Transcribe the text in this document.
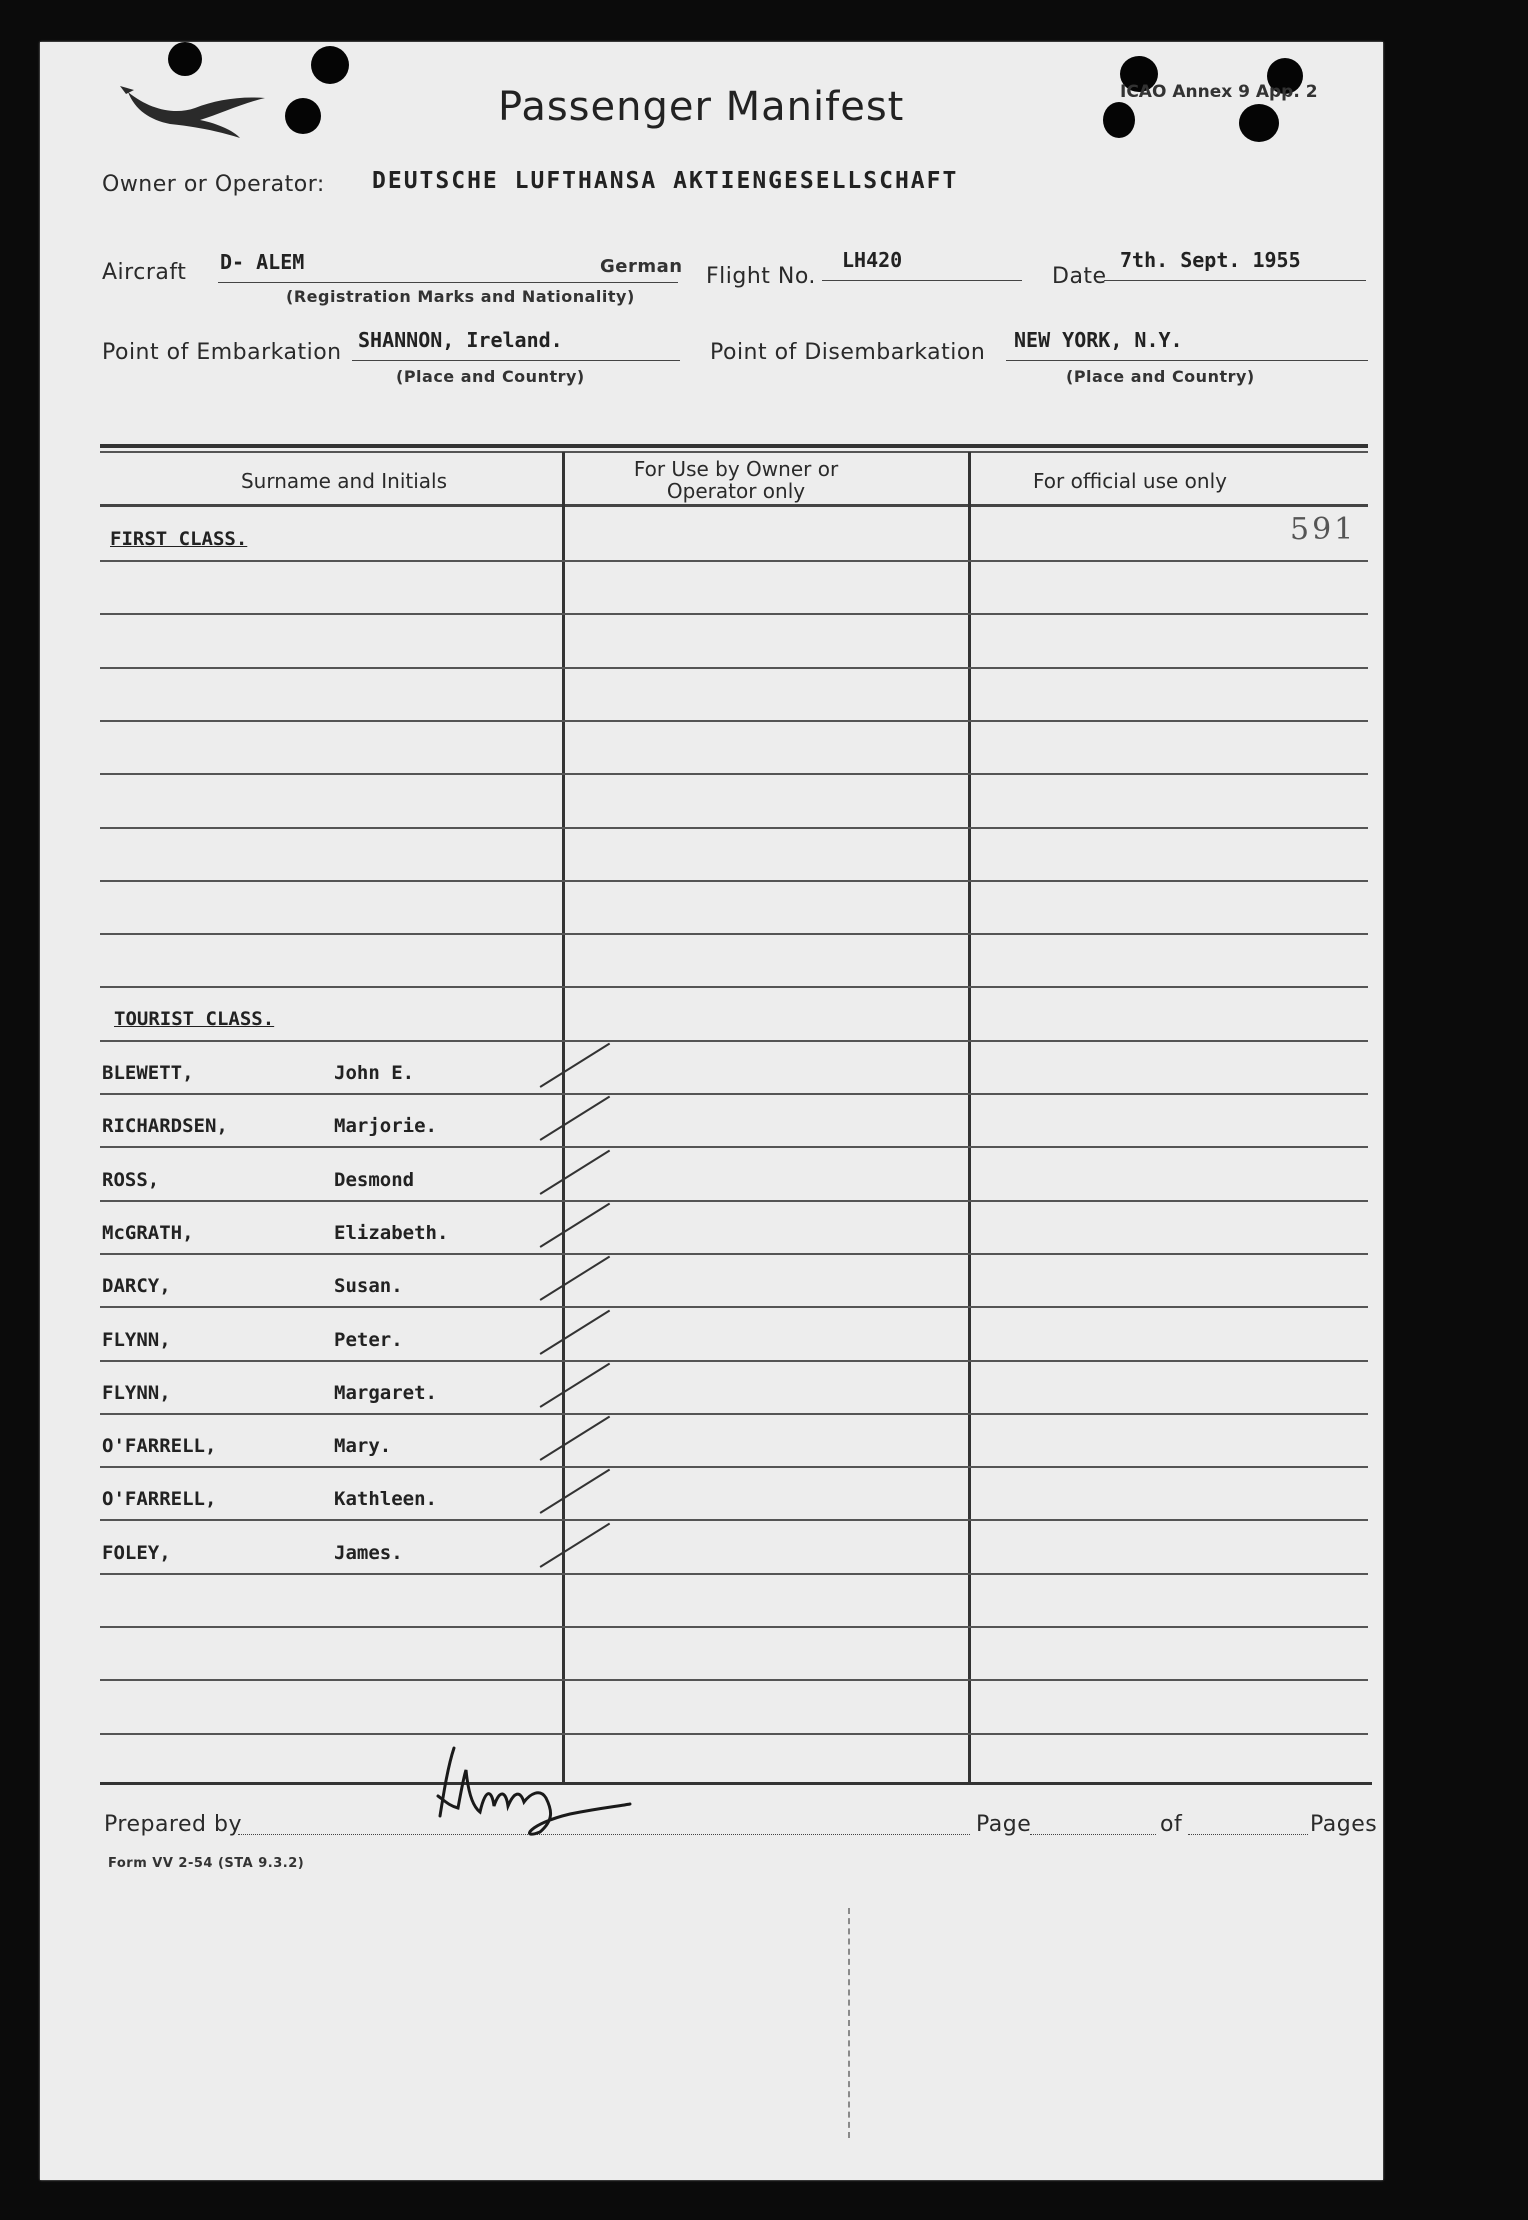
Passenger Manifest	ICAO Annex 9 App. 2
Owner or Operator: DEUTSCHE LUFTHANSA AKTIENGESELLSCHAFT
Aircraft D- ALEM	German
(Registration Marks and Nationality)
Flight No.
LH420
Date
7th. Sept. 1955
Point of Embarkation SHANNON, Ireland.
(Place and Country)
Point of Disembarkation NEW YORK, N.Y.
(Place and Country)
Surname and Initials	For Use by Owner or Operator only	For official use only
591
FIRST CLASS.
TOURIST CLASS.
BLEWETT,	John E.
RICHARDSEN,	Marjorie.
ROSS,	Desmond
McGRATH,	Elizabeth.
DARCY,	Susan.
FLYNN,	Peter.
FLYNN,	Margaret.
O'FARRELL,	Mary.
O'FARRELL,	Kathleen.
FOLEY,	James.
Prepared by	Page	of	Pages
Form VV 2-54 (STA 9.3.2)
